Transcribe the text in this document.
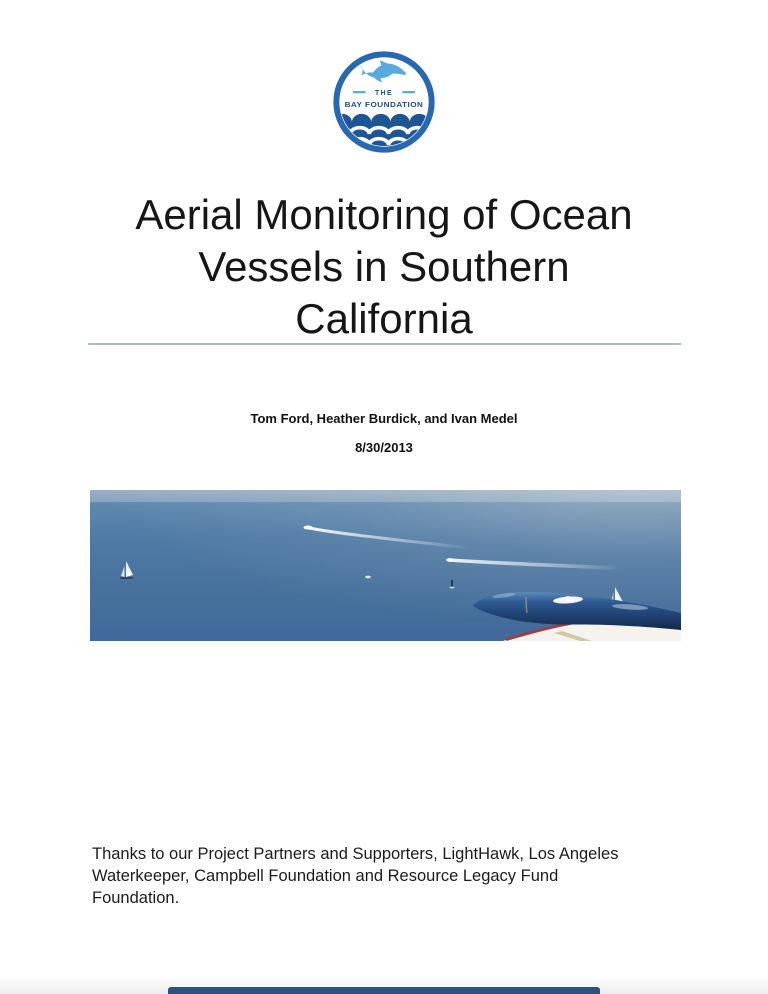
THE
BAY FOUNDATION
Aerial Monitoring of Ocean
Vessels in Southern
California
Tom Ford, Heather Burdick, and Ivan Medel
8/30/2013
Thanks to our Project Partners and Supporters, LightHawk, Los Angeles
Waterkeeper, Campbell Foundation and Resource Legacy Fund
Foundation.
